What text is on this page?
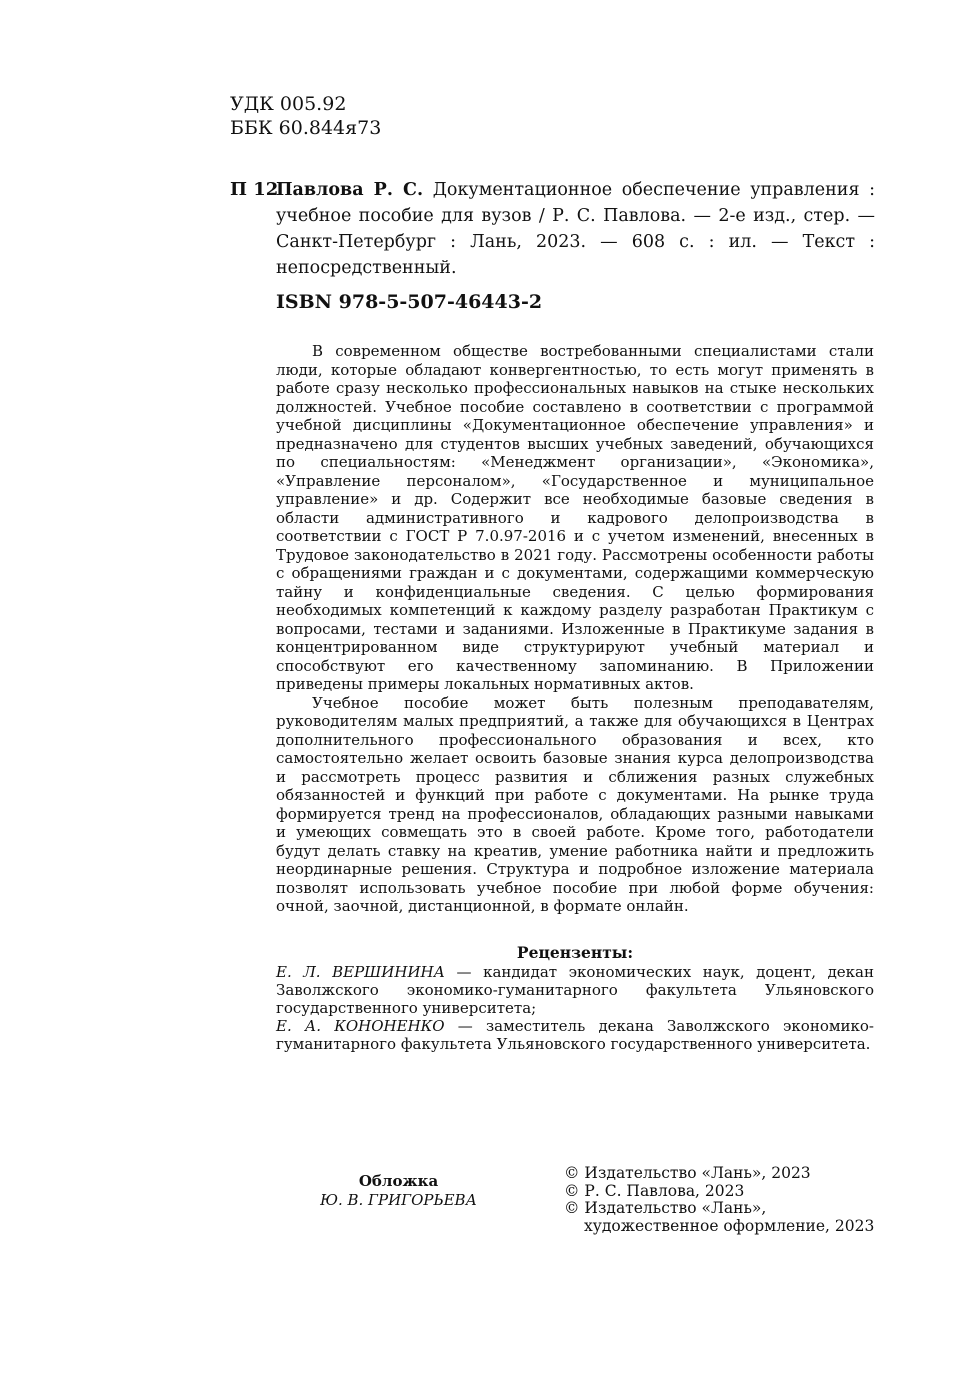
УДК 005.92
ББК 60.844я73
П 12
Павлова Р. С. Документационное обеспечение управления : учебное пособие для вузов / Р. С. Павлова. — 2-е изд., стер. — Санкт-Петербург : Лань, 2023. — 608 с. : ил. — Текст : непосредственный.
ISBN 978-5-507-46443-2

В современном обществе востребованными специалистами стали люди, которые обладают конвергентностью, то есть могут применять в работе сразу несколько профессиональных навыков на стыке нескольких должностей. Учебное пособие составлено в соответствии с программой учебной дисциплины «Документационное обеспечение управления» и предназначено для студентов высших учебных заведений, обучающихся по специальностям: «Менеджмент организации», «Экономика», «Управление персоналом», «Государственное и муниципальное управление» и др. Содержит все необходимые базовые сведения в области административного и кадрового делопроизводства в соответствии с ГОСТ Р 7.0.97-2016 и с учетом изменений, внесенных в Трудовое законодательство в 2021 году. Рассмотрены особенности работы с обращениями граждан и с документами, содержащими коммерческую тайну и конфиденциальные сведения. С целью формирования необходимых компетенций к каждому разделу разработан Практикум с вопросами, тестами и заданиями. Изложенные в Практикуме задания в концентрированном виде структурируют учебный материал и способствуют его качественному запоминанию. В Приложении приведены примеры локальных нормативных актов.

Учебное пособие может быть полезным преподавателям, руководителям малых предприятий, а также для обучающихся в Центрах дополнительного профессионального образования и всех, кто самостоятельно желает освоить базовые знания курса делопроизводства и рассмотреть процесс развития и сближения разных служебных обязанностей и функций при работе с документами. На рынке труда формируется тренд на профессионалов, обладающих разными навыками и умеющих совмещать это в своей работе. Кроме того, работодатели будут делать ставку на креатив, умение работника найти и предложить неординарные решения. Структура и подробное изложение материала позволят использовать учебное пособие при любой форме обучения: очной, заочной, дистанционной, в формате онлайн.

Рецензенты:

Е. Л. ВЕРШИНИНА — кандидат экономических наук, доцент, декан Заволжского экономико-гуманитарного факультета Ульяновского государственного университета;

Е. А. КОНОНЕНКО — заместитель декана Заволжского экономико-гуманитарного факультета Ульяновского государственного университета.

Обложка
Ю. В. ГРИГОРЬЕВА
© Издательство «Лань», 2023
© Р. С. Павлова, 2023
© Издательство «Лань»,
художественное оформление, 2023
